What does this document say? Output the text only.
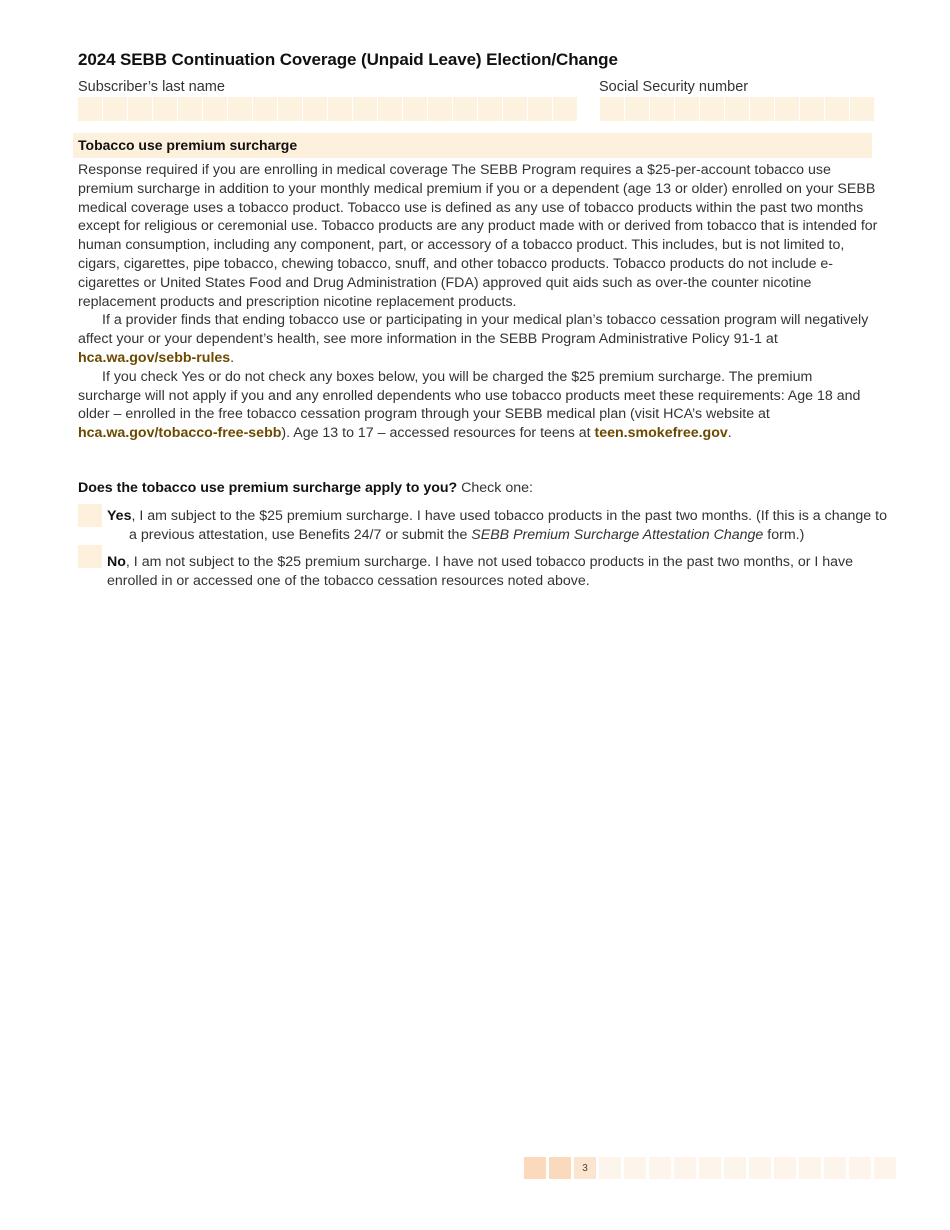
2024 SEBB Continuation Coverage (Unpaid Leave) Election/Change
Subscriber’s last name	Social Security number
Tobacco use premium surcharge

Response required if you are enrolling in medical coverage The SEBB Program requires a $25-per-account tobacco use premium surcharge in addition to your monthly medical premium if you or a dependent (age 13 or older) enrolled on your SEBB medical coverage uses a tobacco product. Tobacco use is defined as any use of tobacco products within the past two months except for religious or ceremonial use. Tobacco products are any product made with or derived from tobacco that is intended for human consumption, including any component, part, or accessory of a tobacco product. This includes, but is not limited to, cigars, cigarettes, pipe tobacco, chewing tobacco, snuff, and other tobacco products. Tobacco products do not include e-cigarettes or United States Food and Drug Administration (FDA) approved quit aids such as over-the counter nicotine replacement products and prescription nicotine replacement products.

If a provider finds that ending tobacco use or participating in your medical plan’s tobacco cessation program will negatively affect your or your dependent’s health, see more information in the SEBB Program Administrative Policy 91-1 at hca.wa.gov/sebb-rules.

If you check Yes or do not check any boxes below, you will be charged the $25 premium surcharge. The premium surcharge will not apply if you and any enrolled dependents who use tobacco products meet these requirements: Age 18 and older – enrolled in the free tobacco cessation program through your SEBB medical plan (visit HCA’s website at hca.wa.gov/tobacco-free-sebb). Age 13 to 17 – accessed resources for teens at teen.smokefree.gov.

Does the tobacco use premium surcharge apply to you? Check one:
Yes, I am subject to the $25 premium surcharge. I have used tobacco products in the past two months. (If this is a change to a previous attestation, use Benefits 24/7 or submit the SEBB Premium Surcharge Attestation Change form.)
No, I am not subject to the $25 premium surcharge. I have not used tobacco products in the past two months, or I have enrolled in or accessed one of the tobacco cessation resources noted above.
3
